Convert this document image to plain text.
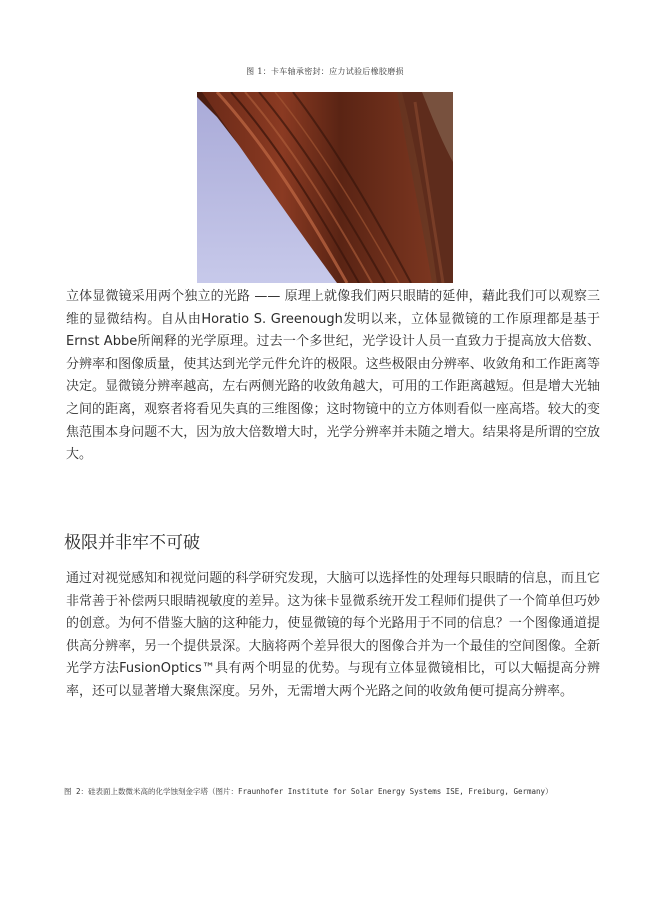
图 1：卡车轴承密封：应力试验后橡胶磨损

立体显微镜采用两个独立的光路 —— 原理上就像我们两只眼睛的延伸，藉此我们可以观察三维的显微结构。自从由Horatio S. Greenough发明以来，立体显微镜的工作原理都是基于Ernst Abbe所阐释的光学原理。过去一个多世纪，光学设计人员一直致力于提高放大倍数、分辨率和图像质量，使其达到光学元件允许的极限。这些极限由分辨率、收敛角和工作距离等决定。显微镜分辨率越高，左右两侧光路的收敛角越大，可用的工作距离越短。但是增大光轴之间的距离，观察者将看见失真的三维图像；这时物镜中的立方体则看似一座高塔。较大的变焦范围本身问题不大，因为放大倍数增大时，光学分辨率并未随之增大。结果将是所谓的空放大。

极限并非牢不可破

通过对视觉感知和视觉问题的科学研究发现，大脑可以选择性的处理每只眼睛的信息，而且它非常善于补偿两只眼睛视敏度的差异。这为徕卡显微系统开发工程师们提供了一个简单但巧妙的创意。为何不借鉴大脑的这种能力，使显微镜的每个光路用于不同的信息？一个图像通道提供高分辨率，另一个提供景深。大脑将两个差异很大的图像合并为一个最佳的空间图像。全新光学方法FusionOptics™具有两个明显的优势。与现有立体显微镜相比，可以大幅提高分辨率，还可以显著增大聚焦深度。另外，无需增大两个光路之间的收敛角便可提高分辨率。

图 2：硅表面上数微米高的化学蚀刻金字塔（图片：Fraunhofer Institute for Solar Energy Systems ISE, Freiburg, Germany）
